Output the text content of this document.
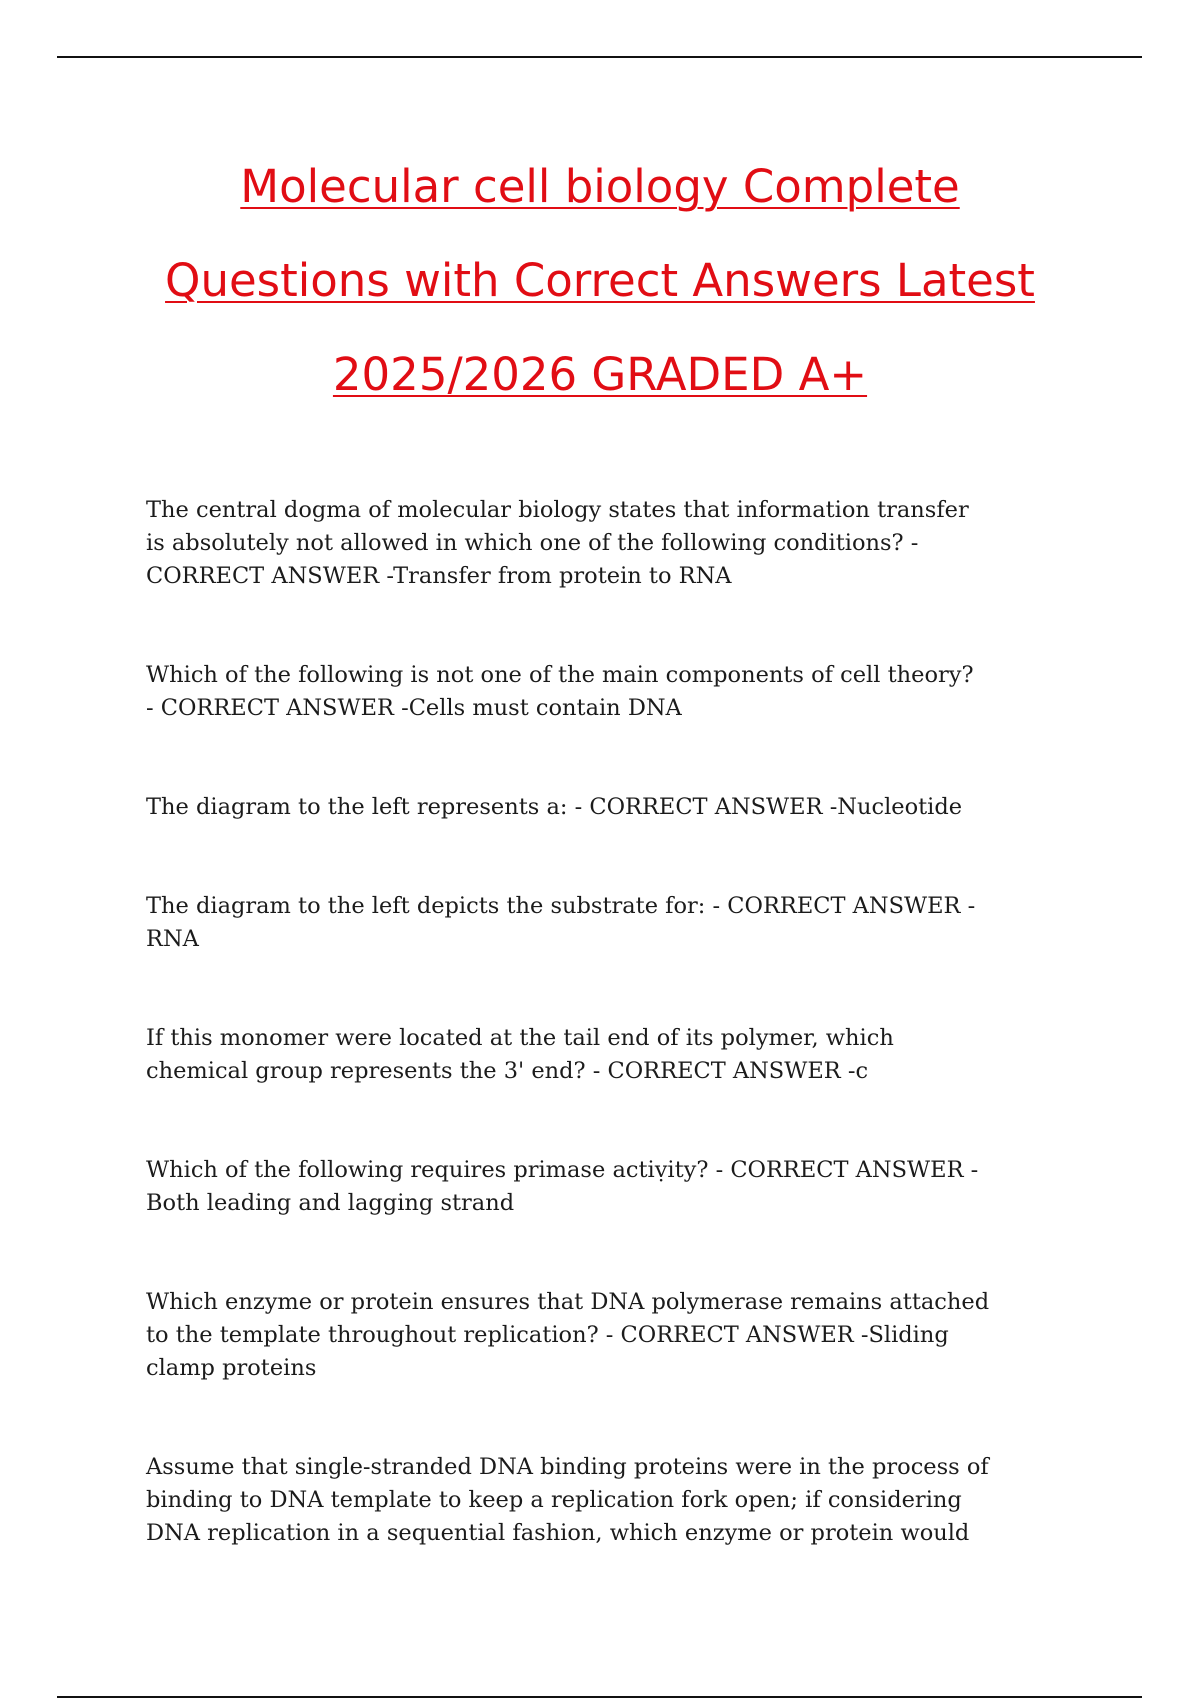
Molecular cell biology Complete
Questions with Correct Answers Latest
2025/2026 GRADED A+

The central dogma of molecular biology states that information transfer
is absolutely not allowed in which one of the following conditions? -
CORRECT ANSWER -Transfer from protein to RNA

Which of the following is not one of the main components of cell theory?
- CORRECT ANSWER -Cells must contain DNA

The diagram to the left represents a: - CORRECT ANSWER -Nucleotide

The diagram to the left depicts the substrate for: - CORRECT ANSWER -
RNA

If this monomer were located at the tail end of its polymer, which
chemical group represents the 3' end? - CORRECT ANSWER -c

Which of the following requires primase actiṿity? - CORRECT ANSWER -
Both leading and lagging strand

Which enzyme or protein ensures that DNA polymerase remains attached
to the template throughout replication? - CORRECT ANSWER -Sliding
clamp proteins

Assume that single-stranded DNA binding proteins were in the process of
binding to DNA template to keep a replication fork open; if considering
DNA replication in a sequential fashion, which enzyme or protein would
